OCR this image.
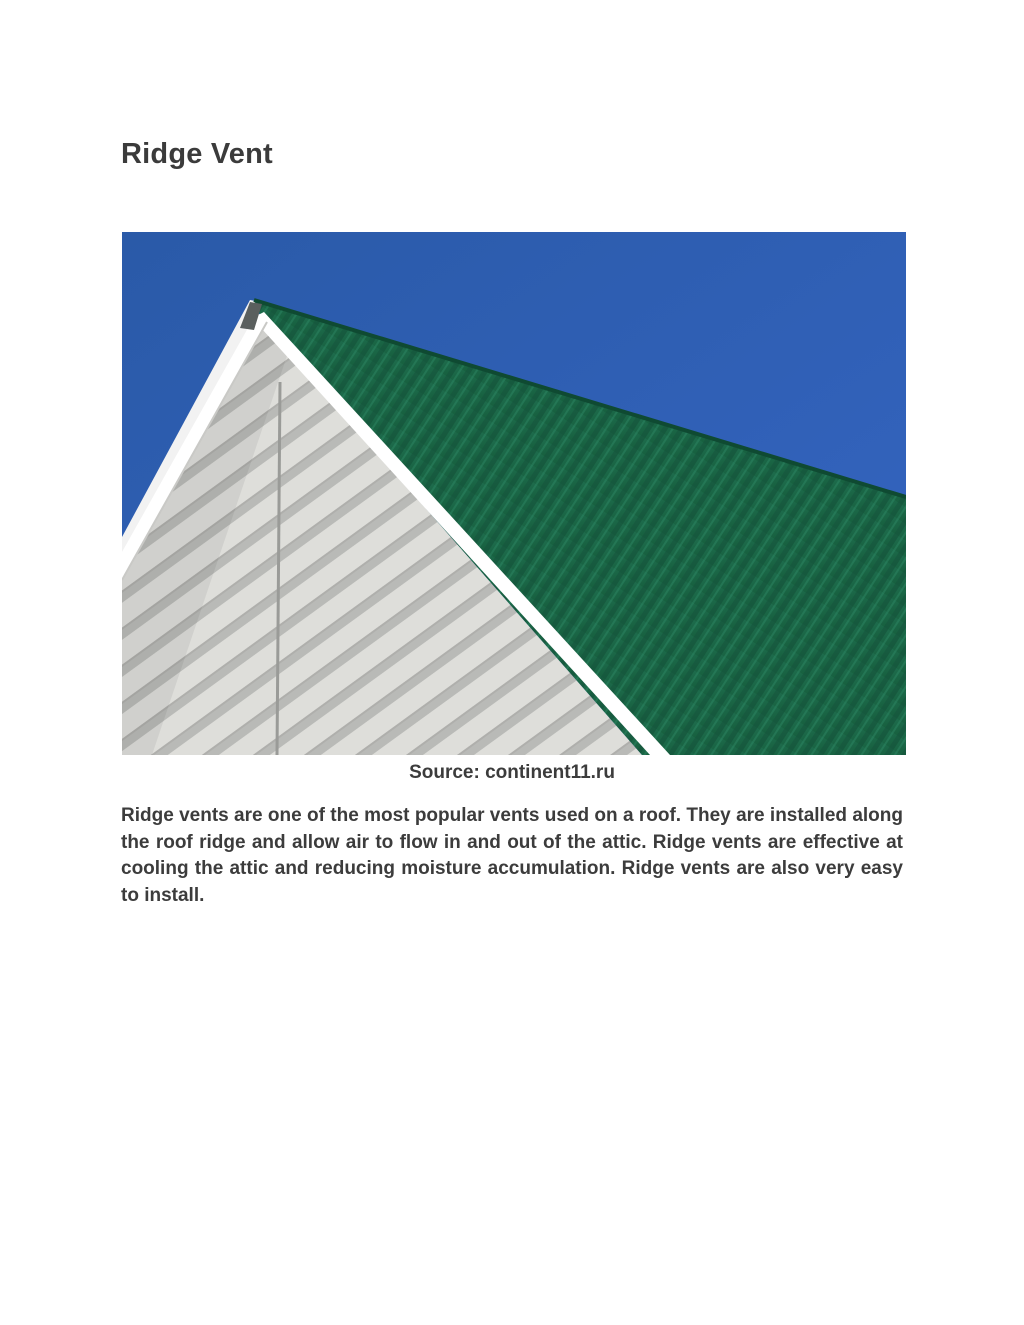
Ridge Vent
Source: continent11.ru

Ridge vents are one of the most popular vents used on a roof. They are installed along the roof ridge and allow air to flow in and out of the attic. Ridge vents are effective at cooling the attic and reducing moisture accumulation. Ridge vents are also very easy to install.
